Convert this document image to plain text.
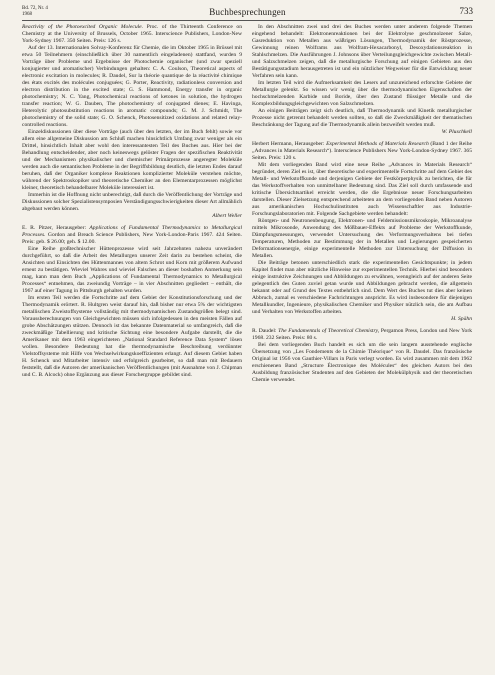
Bd. 72, Nr. 4
1968	Buchbesprechungen	733

Reactivity of the Photoexcited Organic Molecule. Proc. of the Thirteenth Conference on Chemistry at the University of Brussels, October 1965. Interscience Publishers, London-New York-Sydney 1967. 350 Seiten. Preis: 126 s.

Auf der 13. Internationalen Solvay-Konferenz für Chemie, die im Oktober 1965 in Brüssel mit etwa 50 Teilnehmern (einschließlich über 30 namentlich eingeladenen) stattfand, wurden 9 Vorträge über Probleme und Ergebnisse der Photochemie organischer (und zwar speziell konjugierter und aromatischer) Verbindungen gehalten: C. A. Coulson, Theoretical aspects of electronic excitation in molecules; R. Daudel, Sur la théorie quantique de la réactivité chimique des états excités des molécules conjuguées; G. Porter, Reactivity, radiationless conversion and electron distribution in the excited state; G. S. Hammond, Energy transfer in organic photochemistry; N. C. Yang, Photochemical reactions of ketones in solution, the hydrogen transfer reaction; W. G. Dauben, The photochemistry of conjugated dienes; E. Havinga, Heterolytic photosubstitution reactions in aromatic compounds; G. M. J. Schmidt, The photochemistry of the solid state; G. O. Schenck, Photosensitized oxidations and related relay-controlled reactions.

Einzeldiskussionen über diese Vorträge (auch über den letzten, der im Buch fehlt) sowie vor allem eine allgemeine Diskussion am Schluß machen hinsichtlich Umfang zwar weniger als ein Drittel, hinsichtlich Inhalt aber wohl den interessantesten Teil des Buches aus. Hier bei der Behandlung entscheidender, aber noch keineswegs gelöster Fragen der spezifischen Reaktivität und der Mechanismen physikalischer und chemischer Primärprozesse angeregter Moleküle werden auch die semantischen Probleme in der Begriffsbildung deutlich, die letzten Endes darauf beruhen, daß der Organiker komplexe Reaktionen komplizierter Moleküle verstehen möchte, während der Spektroskopiker und theoretische Chemiker an den Elementarprozessen möglichst kleiner, theoretisch behandelbarer Moleküle interessiert ist.

Immerhin ist die Hoffnung nicht unberechtigt, daß durch die Veröffentlichung der Vorträge und Diskussionen solcher Spezialistensymposien Verständigungsschwierigkeiten dieser Art allmählich abgebaut werden können.

Albert Weller

E. R. Pitzer, Herausgeber: Applications of Fundamental Thermodynamics to Metallurgical Processes. Gordon and Breach Science Publishers, New York-London-Paris 1967. 424 Seiten. Preis: geb. $ 26.00; geh. $ 12.00.

Eine Reihe großtechnischer Hüttenprozesse wird seit Jahrzehnten nahezu unverändert durchgeführt, so daß die Arbeit des Metallurgen unserer Zeit darin zu bestehen scheint, die Ansichten und Einsichten des Hüttenmannes von altem Schrot und Korn mit größerem Aufwand erneut zu bestätigen. Wieviel Wahres und wieviel Falsches an dieser boshaften Anmerkung sein mag, kann man dem Buch „Applications of Fundamental Thermodynamics to Metallurgical Processes“ entnehmen, das zweiundig Vorträge – in vier Abschnitten gegliedert – enthält, die 1967 auf einer Tagung in Pittsburgh gehalten wurden.

Im ersten Teil werden die Fortschritte auf dem Gebiet der Konstitutionsforschung und der Thermodynamik erörtert. R. Hultgren weist darauf hin, daß bisher nur etwa 5% der wichtigsten metallischen Zweistoffsysteme vollständig mit thermodynamischen Zustandsgrößen belegt sind. Voraussberechnungen von Gleichgewichten müssen sich infolgedessen in den meisten Fällen auf grobe Abschätzungen stützen. Dennoch ist das bekannte Datenmaterial so umfangreich, daß die zweckmäßige Tabellierung und kritische Sichtung eine besondere Aufgabe darstellt, die die Amerikaner mit dem 1963 eingerichteten „National Standard Reference Data System“ lösen wollen. Besondere Bedeutung hat die thermodynamische Beschreibung verdünnter Vielstoffsysteme mit Hilfe von Wechselwirkungskoeffizienten erlangt. Auf diesem Gebiet haben H. Schenck und Mitarbeiter intensiv und erfolgreich gearbeitet, so daß man mit Bedauern feststellt, daß die Autoren der amerikanischen Veröffentlichungen (mit Ausnahme von J. Chipman und C. B. Alcock) ohne Ergänzung aus dieser Forschergruppe gebildet sind.

In den Abschnitten zwei und drei des Buches werden unter anderem folgende Themen eingehend behandelt: Elektronenreaktionen bei der Elektrolyse geschmolzener Salze, Gasreduktion von Metallen aus wäßrigen Lösungen, Thermodynamik der Röstprozesse, Gewinnung reinen Wolframs aus Wolfram-Hexacarbonyl, Desoxydationsreaktion in Stahlschmelzen. Die Ausführungen J. Johnsons über Verteilungsgleichgewichte zwischen Metall- und Salzschmelzen zeigen, daß die metallurgische Forschung auf einigen Gebieten aus den Bestätigungsstadium herausgetreten ist und ein nützlicher Wegweiser für die Entwicklung neuer Verfahren sein kann.

Im letzten Teil wird die Aufmerksamkeit des Lesers auf unzureichend erforschte Gebiete der Metallurgie gelenkt. So wissen wir wenig über die thermodynamischen Eigenschaften der hochschmelzenden Karbide und Boride, über den Zustand flüssiger Metalle und die Komplexbildungsgleichgewichten von Salzschmelzen.

An einigen Beiträgen zeigt sich deutlich, daß Thermodynamik und Kinetik metallurgischer Prozesse nicht getrennt behandelt werden sollten, so daß die Zweckmäßigkeit der thematischen Beschränkung der Tagung auf die Thermodynamik allein bezweifelt werden muß.

W. Pluschkell

Herbert Hermann, Herausgeber: Experimental Methods of Materials Research (Band 1 der Reihe „Advances in Materials Research“). Interscience Publishers New York-London-Sydney 1967. 365 Seiten. Preis: 120 s.

Mit dem vorliegenden Band wird eine neue Reihe „Advances in Materials Research“ begründet, deren Ziel es ist, über theoretische und experimentelle Fortschritte auf dem Gebiet des Metall- und Werkstoffkunde und derjenigen Gebiete der Festkörperphysik zu berichten, die für das Werkstoffverhalten von unmittelbarer Bedeutung sind. Das Ziel soll durch umfassende und kritische Übersichtsartikel erreicht werden, die die Ergebnisse neuer Forschungsarbeiten darstellen. Dieser Zielsetzung entsprechend arbeiteten an dem vorliegenden Band neben Autoren aus amerikanischen Hochschulinstituten auch Wissenschaftler aus Industrie-Forschungslaboratorien mit. Folgende Sachgebiete werden behandelt:

Röntgen- und Neutronenbeugung, Elektronen- und Feldemissionsmikroskopie, Mikroanalyse mittels Mikrosonde, Anwendung des Mößbauer-Effekts auf Probleme der Werkstoffkunde, Dämpfungsmessungen, verwendet Untersuchung des Verformungsverhaltens bei tiefen Temperaturen, Methoden zur Bestimmung der in Metallen und Legierungen gespeicherten Deformationsenergie, einige experimentelle Methoden zur Untersuchung der Diffusion in Metallen.

Die Beiträge betonen unterschiedlich stark die experimentellen Gesichtspunkte; in jedem Kapitel findet man aber nützliche Hinweise zur experimentellen Technik. Hierbei sind besonders einige instruktive Zeichnungen und Abbildungen zu erwähnen, wenngleich auf der anderen Seite gelegentlich des Guten zuviel getan wurde und Abbildungen gebracht werden, die allgemein bekannt oder auf Grund des Textes entbehrlich sind. Dem Wert des Buches tut dies aber keinen Abbruch, zumal es verschiedene Fachrichtungen anspricht. Es wird insbesondere für diejenigen Metallkundler, Ingenieure, physikalischen Chemiker und Physiker nützlich sein, die am Aufbau und Verhalten von Werkstoffen arbeiten.

H. Spähn

R. Daudel: The Fundamentals of Theoretical Chemistry, Pergamon Press, London und New York 1968. 232 Seiten. Preis: 80 s.

Bei dem vorliegenden Buch handelt es sich um die sein langem ausstehende englische Übersetzung von „Les Fondements de la Chimie Théorique“ von R. Daudel. Das französische Original ist 1956 von Gauthier-Villars in Paris verlegt worden. Es wird zusammen mit dem 1962 erschienenen Band „Structure Électronique des Molécules“ des gleichen Autors bei den Ausbildung französischer Studenten auf den Gebieten der Molekülphysik und der theoretischen Chemie verwendet.
